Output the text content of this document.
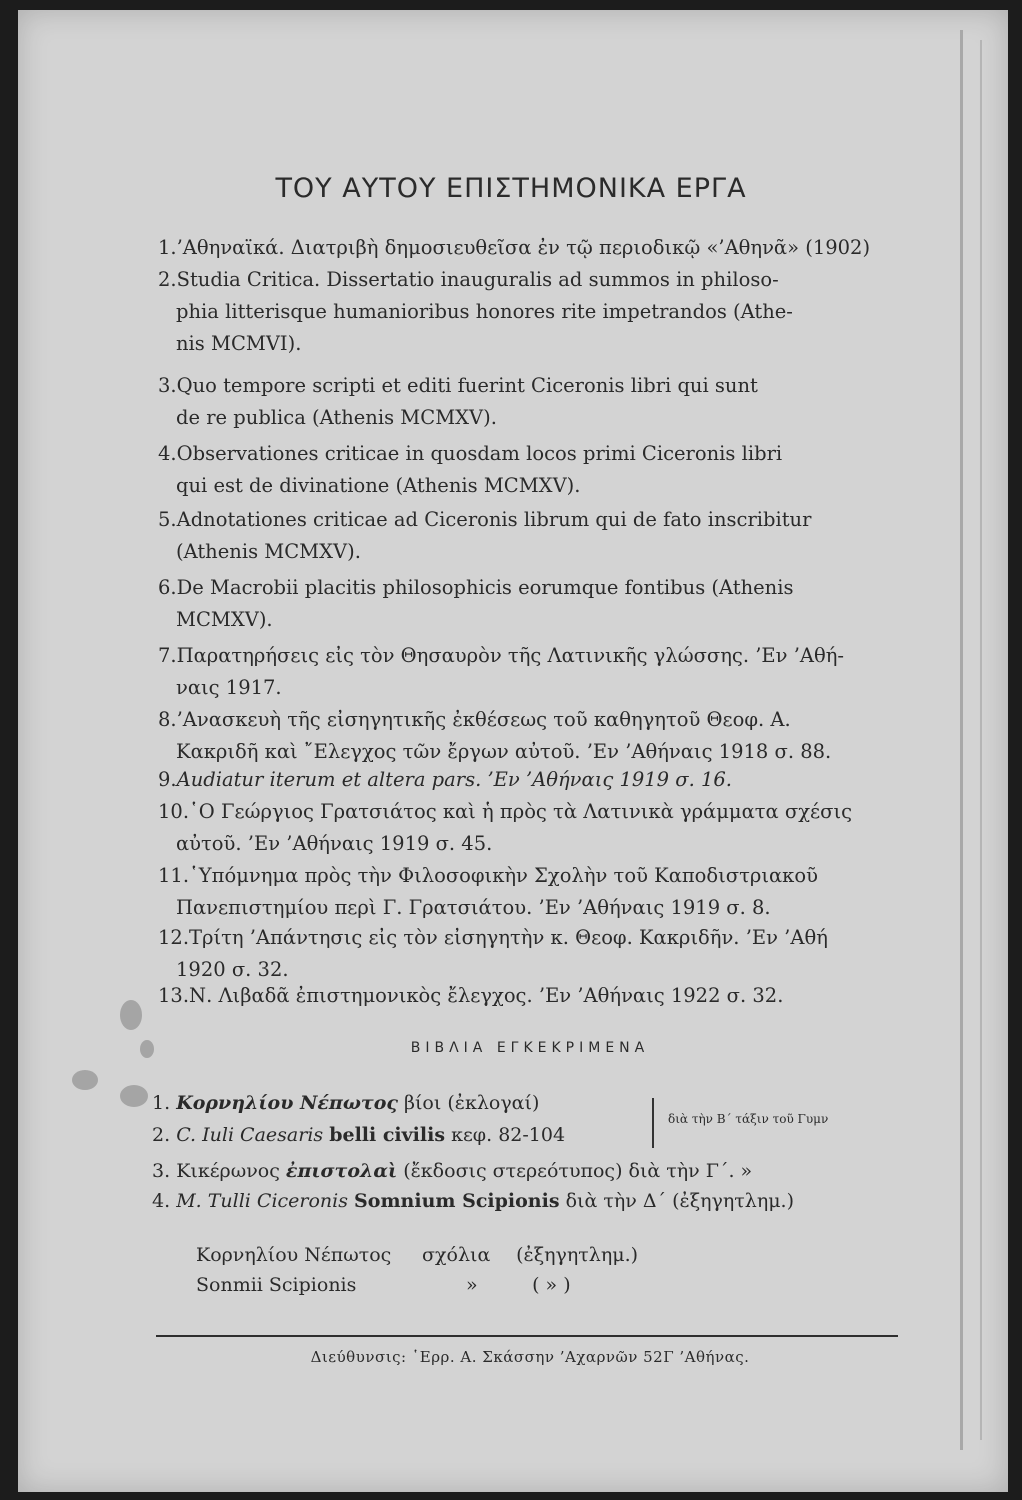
ΤΟΥ ΑΥΤΟΥ ΕΠΙΣΤΗΜΟΝΙΚΑ ΕΡΓΑ
1.’Αθηναϊκά. Διατριβὴ δημοσιευθεῖσα ἐν τῷ περιοδικῷ «’Αθηνᾶ» (1902)
2.Studia Critica. Dissertatio inauguralis ad summos in philoso-
phia litterisque humanioribus honores rite impetrandos (Athe-
nis MCMVI).
3.Quo tempore scripti et editi fuerint Ciceronis libri qui sunt
de re publica (Athenis MCMXV).
4.Observationes criticae in quosdam locos primi Ciceronis libri
qui est de divinatione (Athenis MCMXV).
5.Adnotationes criticae ad Ciceronis librum qui de fato inscribitur
(Athenis MCMXV).
6.De Macrobii placitis philosophicis eorumque fontibus (Athenis
MCMXV).
7.Παρατηρήσεις εἰς τὸν Θησαυρὸν τῆς Λατινικῆς γλώσσης. ’Εν ’Αθή-
ναις 1917.
8.’Ανασκευὴ τῆς εἰσηγητικῆς ἐκθέσεως τοῦ καθηγητοῦ Θεοφ. Α.
Κακριδῆ καὶ ῎Ελεγχος τῶν ἔργων αὐτοῦ. ’Εν ’Αθήναις 1918 σ. 88.
9.Audiatur iterum et altera pars. ’Εν ’Αθήναις 1919 σ. 16.
10.῾Ο Γεώργιος Γρατσιάτος καὶ ἡ πρὸς τὰ Λατινικὰ γράμματα σχέσις
αὐτοῦ. ’Εν ’Αθήναις 1919 σ. 45.
11.῾Υπόμνημα πρὸς τὴν Φιλοσοφικὴν Σχολὴν τοῦ Καποδιστριακοῦ
Πανεπιστημίου περὶ Γ. Γρατσιάτου. ’Εν ’Αθήναις 1919 σ. 8.
12.Τρίτη ’Απάντησις εἰς τὸν εἰσηγητὴν κ. Θεοφ. Κακριδῆν. ’Εν ’Αθή
1920 σ. 32.
13.Ν. Λιβαδᾶ ἐπιστημονικὸς ἔλεγχος. ’Εν ’Αθήναις 1922 σ. 32.
ΒΙΒΛΙΑ ΕΓΚΕΚΡΙΜΕΝΑ
1. Κορνηλίου Νέπωτος βίοι (ἐκλογαί)
2. C. Iuli Caesaris belli civilis κεφ. 82-104
διὰ τὴν Β΄ τάξιν τοῦ Γυμν
3. Κικέρωνος ἐπιστολαὶ (ἔκδοσις στερεότυπος) διὰ τὴν Γ΄. »
4. M. Tulli Ciceronis Somnium Scipionis διὰ τὴν Δ΄ (ἐξηγητλημ.)
Κορνηλίου Νέπωτος σχόλια (ἐξηγητλημ.)
Sonmii Scipionis	»	( » )
Διεύθυνσις: ῾Ερρ. Α. Σκάσσην ’Αχαρνῶν 52Γ ’Αθήνας.
